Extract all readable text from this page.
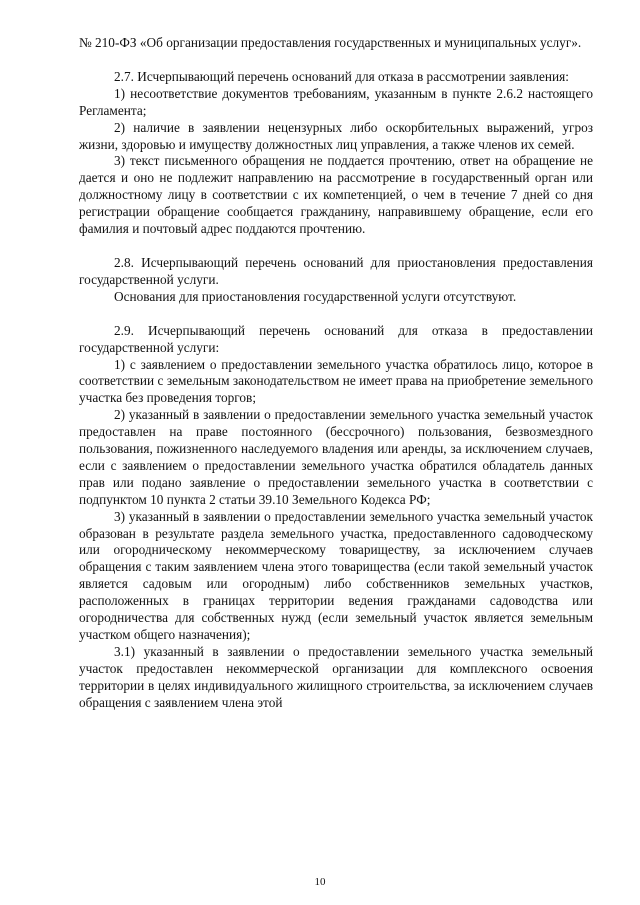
№ 210-ФЗ «Об организации предоставления государственных и муниципальных услуг».

2.7. Исчерпывающий перечень оснований для отказа в рассмотрении заявления:

1) несоответствие документов требованиям, указанным в пункте 2.6.2 настоящего Регламента;

2) наличие в заявлении нецензурных либо оскорбительных выражений, угроз жизни, здоровью и имуществу должностных лиц управления, а также членов их семей.

3) текст письменного обращения не поддается прочтению, ответ на обращение не дается и оно не подлежит направлению на рассмотрение в государственный орган или должностному лицу в соответствии с их компетенцией, о чем в течение 7 дней со дня регистрации обращение сообщается гражданину, направившему обращение, если его фамилия и почтовый адрес поддаются прочтению.

2.8. Исчерпывающий перечень оснований для приостановления предоставления государственной услуги.

Основания для приостановления государственной услуги отсутствуют.

2.9. Исчерпывающий перечень оснований для отказа в предоставлении государственной услуги:

1) с заявлением о предоставлении земельного участка обратилось лицо, которое в соответствии с земельным законодательством не имеет права на приобретение земельного участка без проведения торгов;

2) указанный в заявлении о предоставлении земельного участка земельный участок предоставлен на праве постоянного (бессрочного) пользования, безвозмездного пользования, пожизненного наследуемого владения или аренды, за исключением случаев, если с заявлением о предоставлении земельного участка обратился обладатель данных прав или подано заявление о предоставлении земельного участка в соответствии с подпунктом 10 пункта 2 статьи 39.10 Земельного Кодекса РФ;

3) указанный в заявлении о предоставлении земельного участка земельный участок образован в результате раздела земельного участка, предоставленного садоводческому или огородническому некоммерческому товариществу, за исключением случаев обращения с таким заявлением члена этого товарищества (если такой земельный участок является садовым или огородным) либо собственников земельных участков, расположенных в границах территории ведения гражданами садоводства или огородничества для собственных нужд (если земельный участок является земельным участком общего назначения);

3.1) указанный в заявлении о предоставлении земельного участка земельный участок предоставлен некоммерческой организации для комплексного освоения территории в целях индивидуального жилищного строительства, за исключением случаев обращения с заявлением члена этой

10
